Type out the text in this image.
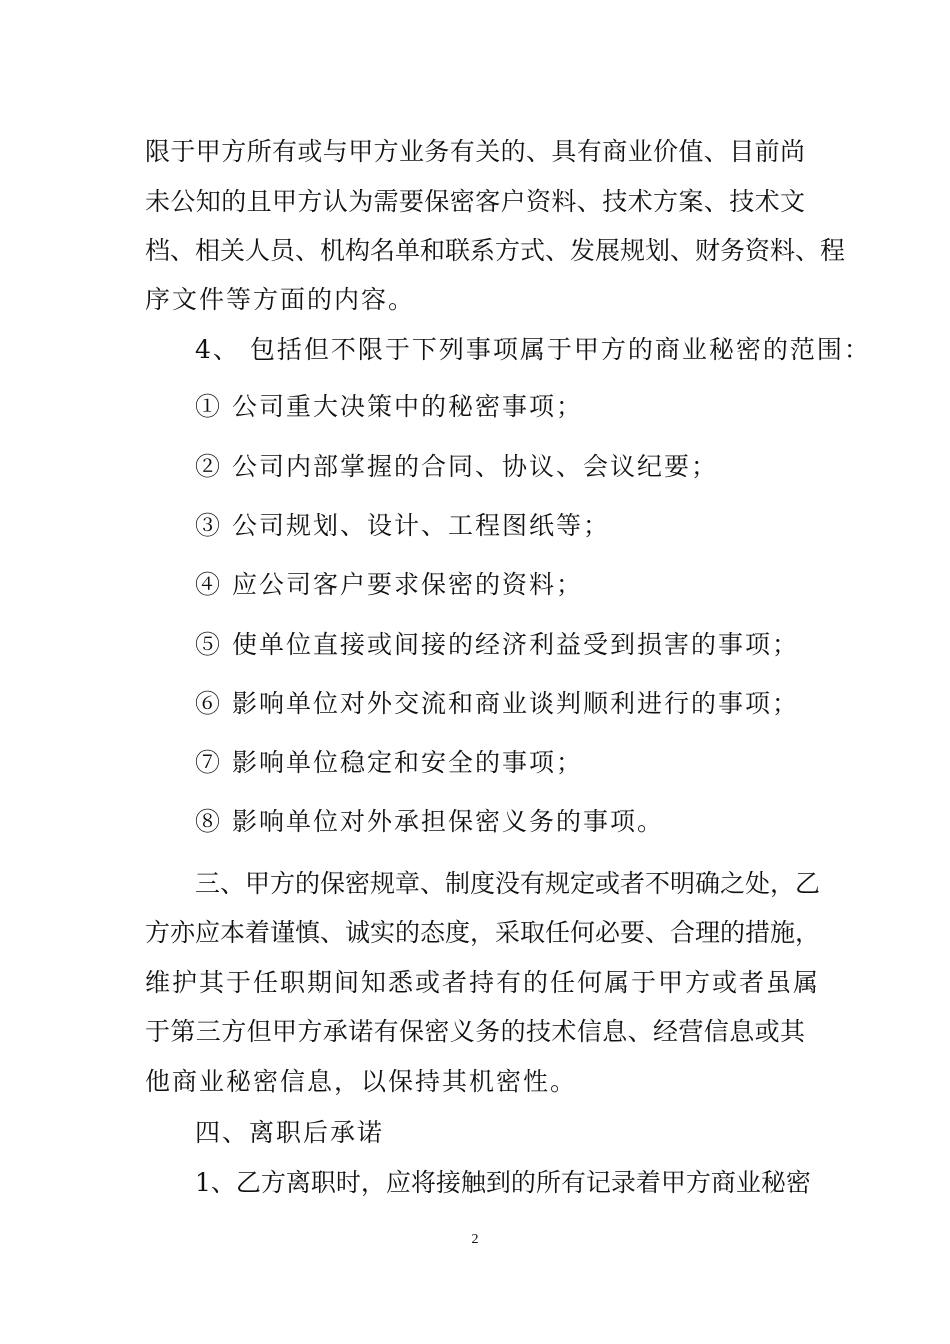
限于甲方所有或与甲方业务有关的、具有商业价值、目前尚
未公知的且甲方认为需要保密客户资料、技术方案、技术文
档、相关人员、机构名单和联系方式、发展规划、财务资料、程
序文件等方面的内容。
4、 包括但不限于下列事项属于甲方的商业秘密的范围：
① 公司重大决策中的秘密事项；
② 公司内部掌握的合同、协议、会议纪要；
③ 公司规划、设计、工程图纸等；
④ 应公司客户要求保密的资料；
⑤ 使单位直接或间接的经济利益受到损害的事项；
⑥ 影响单位对外交流和商业谈判顺利进行的事项；
⑦ 影响单位稳定和安全的事项；
⑧ 影响单位对外承担保密义务的事项。
三、甲方的保密规章、制度没有规定或者不明确之处，乙
方亦应本着谨慎、诚实的态度，采取任何必要、合理的措施，
维护其于任职期间知悉或者持有的任何属于甲方或者虽属
于第三方但甲方承诺有保密义务的技术信息、经营信息或其
他商业秘密信息，以保持其机密性。
四、离职后承诺
1、乙方离职时，应将接触到的所有记录着甲方商业秘密
2
